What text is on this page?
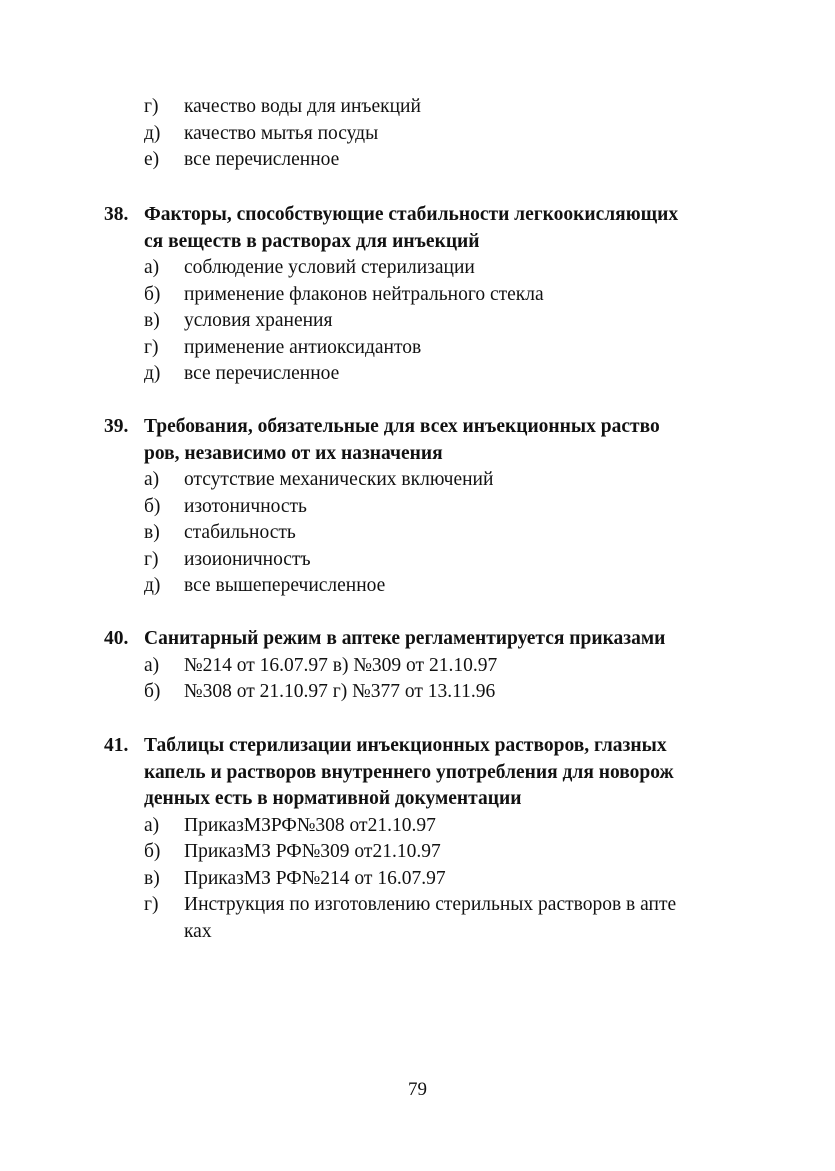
г)	качество воды для инъекций
д)	качество мытья посуды
е)	все перечисленное
38. Факторы, способствующие стабильности легкоокисляющих
ся веществ в растворах для инъекций
а)	соблюдение условий стерилизации
б)	применение флаконов нейтрального стекла
в)	условия хранения
г)	применение антиоксидантов
д)	все перечисленное
39. Требования, обязательные для всех инъекционных раство
ров, независимо от их назначения
а)	отсутствие механических включений
б)	изотоничность
в)	стабильность
г)	изоионичностъ
д)	все вышеперечисленное
40. Санитарный режим в аптеке регламентируется приказами
а)	№214 от 16.07.97 в) №309 от 21.10.97
б)	№308 от 21.10.97 г) №377 от 13.11.96
41. Таблицы стерилизации инъекционных растворов, глазных
капель и растворов внутреннего употребления для новорож
денных есть в нормативной документации
а)	ПриказМЗРФ№308 от21.10.97
б)	ПриказМЗ РФ№309 от21.10.97
в)	ПриказМЗ РФ№214 от 16.07.97
г)	Инструкция по изготовлению стерильных растворов в апте
ках
79
